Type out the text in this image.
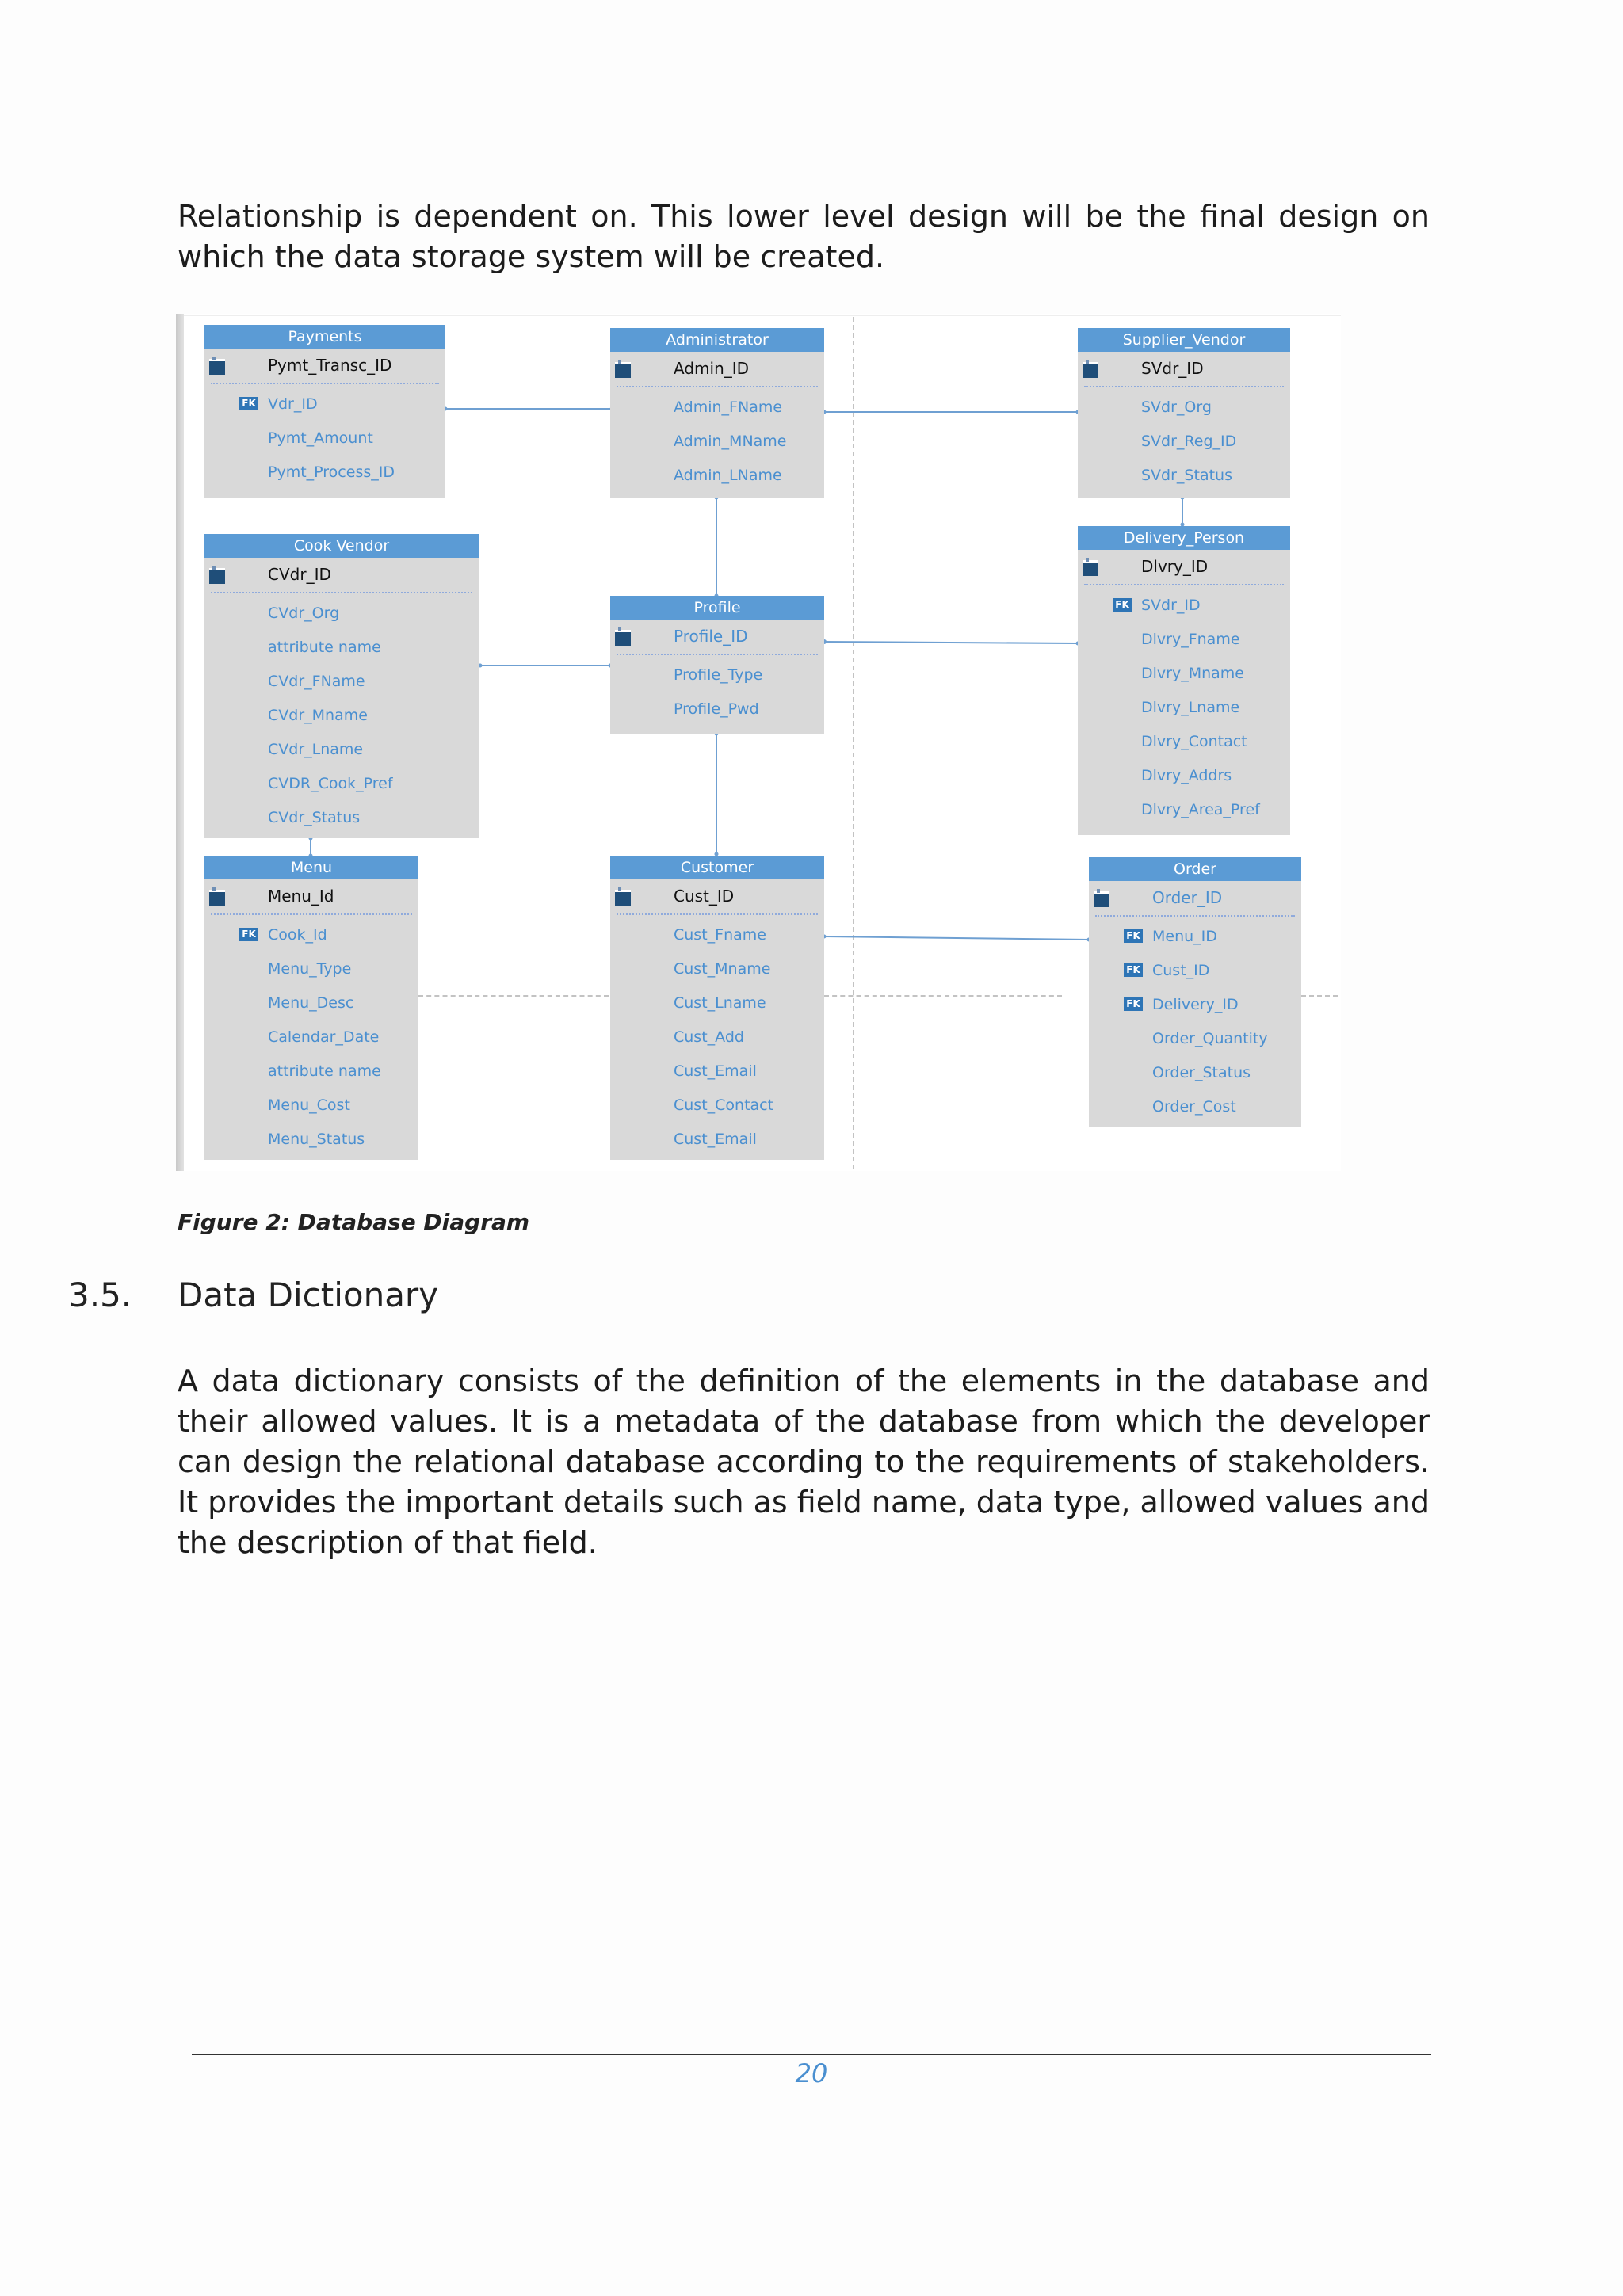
Relationship is dependent on. This lower level design will be the final design on which the data storage system will be created.

Payments
Pymt_Transc_ID
FK Vdr_ID
Pymt_Amount
Pymt_Process_ID
Administrator
Admin_ID
Admin_FName
Admin_MName
Admin_LName
Supplier_Vendor
SVdr_ID
SVdr_Org
SVdr_Reg_ID
SVdr_Status
Cook Vendor
CVdr_ID
CVdr_Org
attribute name
CVdr_FName
CVdr_Mname
CVdr_Lname
CVDR_Cook_Pref
CVdr_Status
Profile
Profile_ID
Profile_Type
Profile_Pwd
Delivery_Person
Dlvry_ID
FK SVdr_ID
Dlvry_Fname
Dlvry_Mname
Dlvry_Lname
Dlvry_Contact
Dlvry_Addrs
Dlvry_Area_Pref
Menu
Menu_Id
FK Cook_Id
Menu_Type
Menu_Desc
Calendar_Date
attribute name
Menu_Cost
Menu_Status
Customer
Cust_ID
Cust_Fname
Cust_Mname
Cust_Lname
Cust_Add
Cust_Email
Cust_Contact
Cust_Email
Order
Order_ID
FK Menu_ID
FK Cust_ID
FK Delivery_ID
Order_Quantity
Order_Status
Order_Cost

Figure 2: Database Diagram

3.5. Data Dictionary

A data dictionary consists of the definition of the elements in the database and their allowed values. It is a metadata of the database from which the developer can design the relational database according to the requirements of stakeholders. It provides the important details such as field name, data type, allowed values and the description of that field.

20
